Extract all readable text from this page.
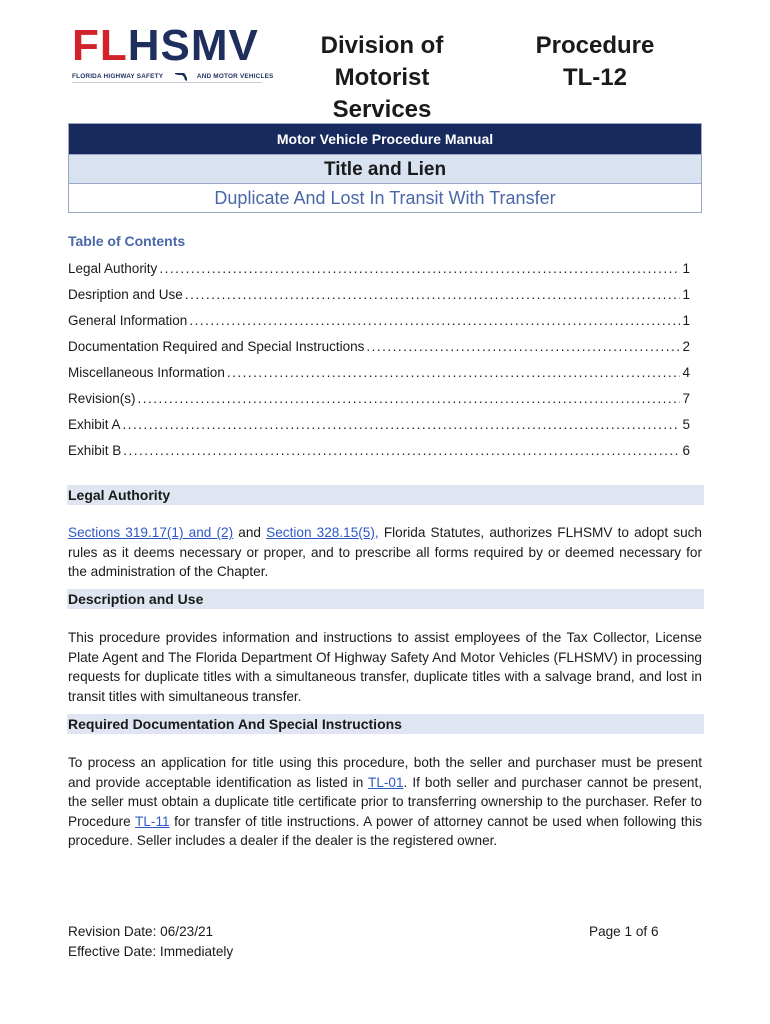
FLHSMV
FLORIDA HIGHWAY SAFETY	AND MOTOR VEHICLES
Division of
Motorist Services
Procedure
TL-12
Motor Vehicle Procedure Manual
Title and Lien
Duplicate And Lost In Transit With Transfer
Table of Contents
Legal Authority .....	1
Desription and Use .....	1
General Information .....	1
Documentation Required and Special Instructions .....	2
Miscellaneous Information .....	4
Revision(s) .....	7
Exhibit A .....	5
Exhibit B .....	6
Legal Authority
Sections 319.17(1) and (2) and Section 328.15(5), Florida Statutes, authorizes FLHSMV to adopt such rules as it deems necessary or proper, and to prescribe all forms required by or deemed necessary for the administration of the Chapter.
Description and Use
This procedure provides information and instructions to assist employees of the Tax Collector, License Plate Agent and The Florida Department Of Highway Safety And Motor Vehicles (FLHSMV) in processing requests for duplicate titles with a simultaneous transfer, duplicate titles with a salvage brand, and lost in transit titles with simultaneous transfer.
Required Documentation And Special Instructions
To process an application for title using this procedure, both the seller and purchaser must be present and provide acceptable identification as listed in TL-01. If both seller and purchaser cannot be present, the seller must obtain a duplicate title certificate prior to transferring ownership to the purchaser. Refer to Procedure TL-11 for transfer of title instructions. A power of attorney cannot be used when following this procedure. Seller includes a dealer if the dealer is the registered owner.
Revision Date: 06/23/21
Effective Date: Immediately
Page 1 of 6
